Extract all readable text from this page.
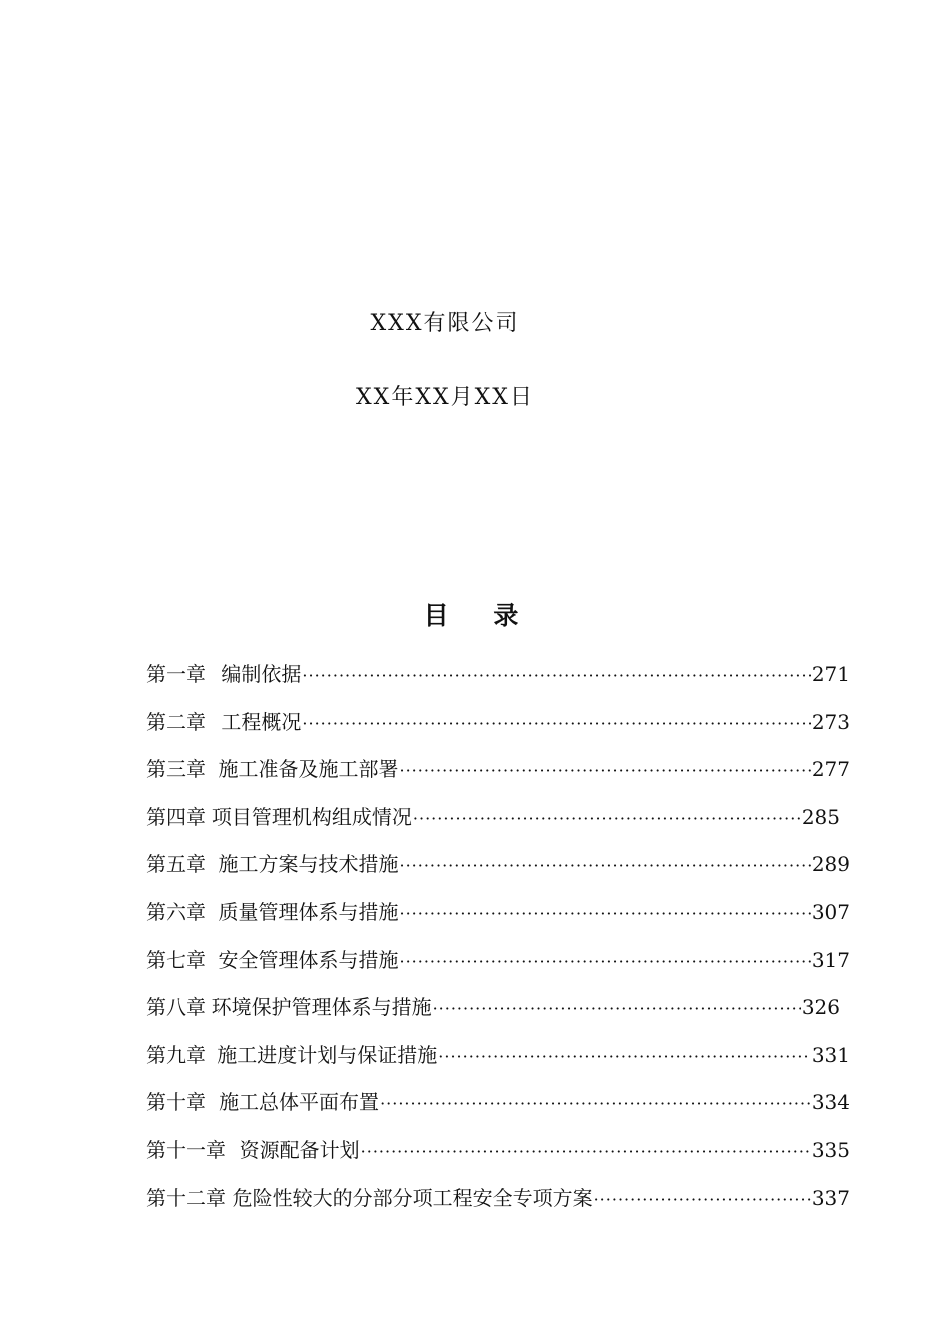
XXX有限公司
XX年XX月XX日
目 录
第一章 编制依据 ·····	271
第二章 工程概况 ·····	273
第三章 施工准备及施工部署 ·····	277
第四章 项目管理机构组成情况 ·····	285
第五章 施工方案与技术措施 ·····	289
第六章 质量管理体系与措施 ·····	307
第七章 安全管理体系与措施 ·····	317
第八章 环境保护管理体系与措施 ·····	326
第九章 施工进度计划与保证措施 ·····	331
第十章 施工总体平面布置 ·····	334
第十一章 资源配备计划 ·····	335
第十二章 危险性较大的分部分项工程安全专项方案 ·····	337
